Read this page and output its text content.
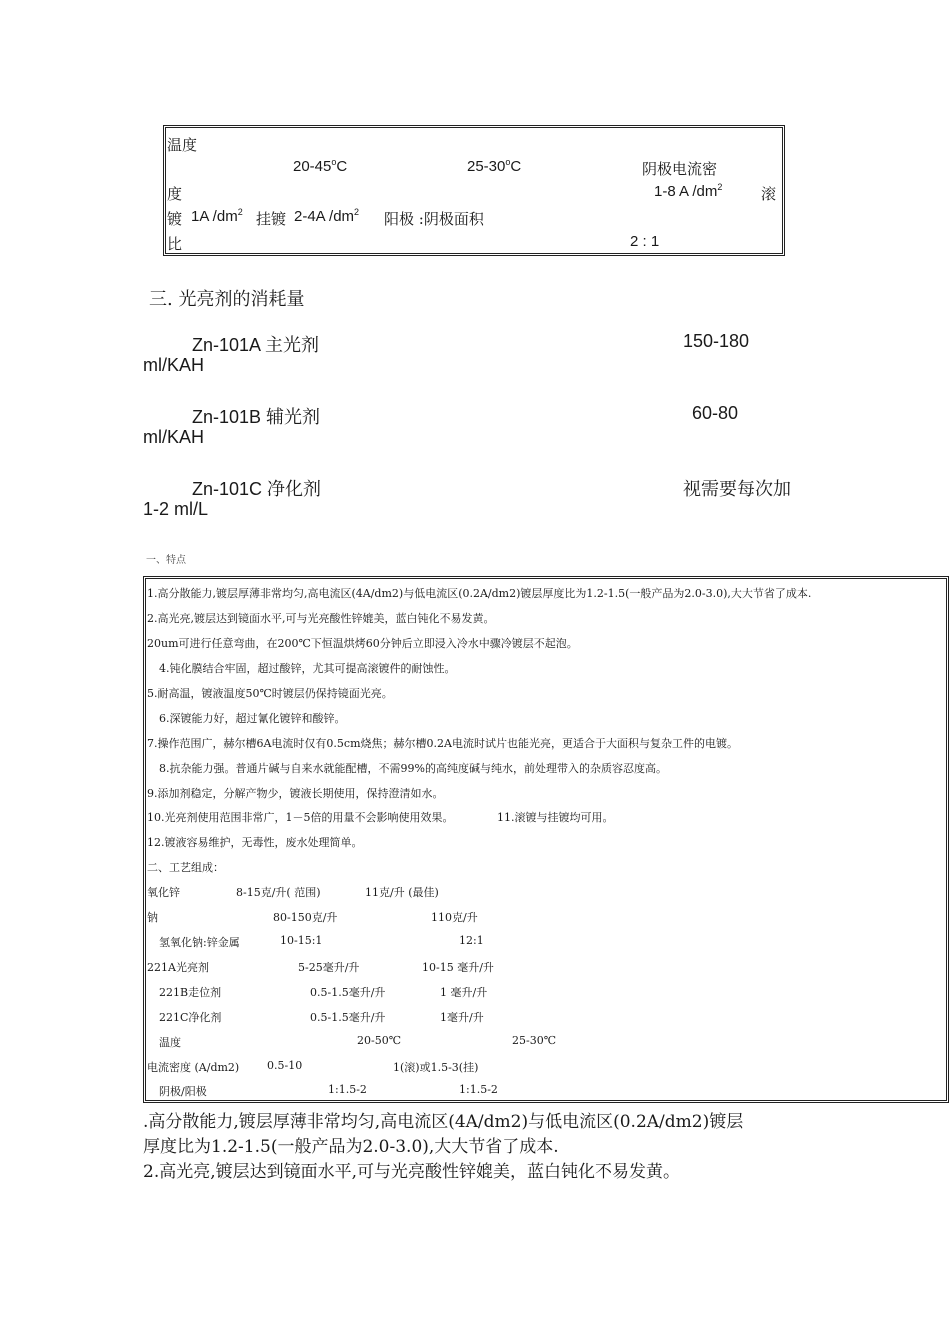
温度
20-45$^o$C	25-30$^o$C	阴极电流密
度	1-8 A $/dm^2$	滚
镀 1A $/dm^2$ 挂镀 2-4A $/dm^2$ 阳极 :阴极面积
比	2 : 1
三. 光亮剂的消耗量
Zn-101A 主光剂	150-180
ml/KAH
Zn-101B 辅光剂	60-80
ml/KAH
Zn-101C 净化剂	视需要每次加
1-2 ml/L
一、特点
1.高分散能力,镀层厚薄非常均匀,高电流区(4A/dm2)与低电流区(0.2A/dm2)镀层厚度比为1.2-1.5(一般产品为2.0-3.0),大大节省了成本.
2.高光亮,镀层达到镜面水平,可与光亮酸性锌媲美，蓝白钝化不易发黄。
20um可进行任意弯曲，在200℃下恒温烘烤60分钟后立即浸入冷水中骤冷镀层不起泡。
4.钝化膜结合牢固，超过酸锌，尤其可提高滚镀件的耐蚀性。
5.耐高温，镀液温度50℃时镀层仍保持镜面光亮。
6.深镀能力好，超过氰化镀锌和酸锌。
7.操作范围广，赫尔槽6A电流时仅有0.5cm烧焦；赫尔槽0.2A电流时试片也能光亮，更适合于大面积与复杂工件的电镀。
8.抗杂能力强。普通片碱与自来水就能配槽，不需99%的高纯度碱与纯水，前处理带入的杂质容忍度高。
9.添加剂稳定，分解产物少，镀液长期使用，保持澄清如水。
10.光亮剂使用范围非常广，1－5倍的用量不会影响使用效果。	11.滚镀与挂镀均可用。
12.镀液容易维护，无毒性，废水处理简单。
二、工艺组成：
氧化锌	8-15克/升( 范围)	11克/升 (最佳)
钠	80-150克/升	110克/升
氢氧化钠:锌金属	10-15:1	12:1
221A光亮剂	5-25毫升/升	10-15 毫升/升
221B走位剂	0.5-1.5毫升/升	1 毫升/升
221C净化剂	0.5-1.5毫升/升	1毫升/升
温度	20-50℃	25-30℃
电流密度 (A/dm2)	0.5-10	1(滚)或1.5-3(挂)
阴极/阳极	1:1.5-2	1:1.5-2
.高分散能力,镀层厚薄非常均匀,高电流区(4A/dm2)与低电流区(0.2A/dm2)镀层
厚度比为1.2-1.5(一般产品为2.0-3.0),大大节省了成本.
2.高光亮,镀层达到镜面水平,可与光亮酸性锌媲美，蓝白钝化不易发黄。
